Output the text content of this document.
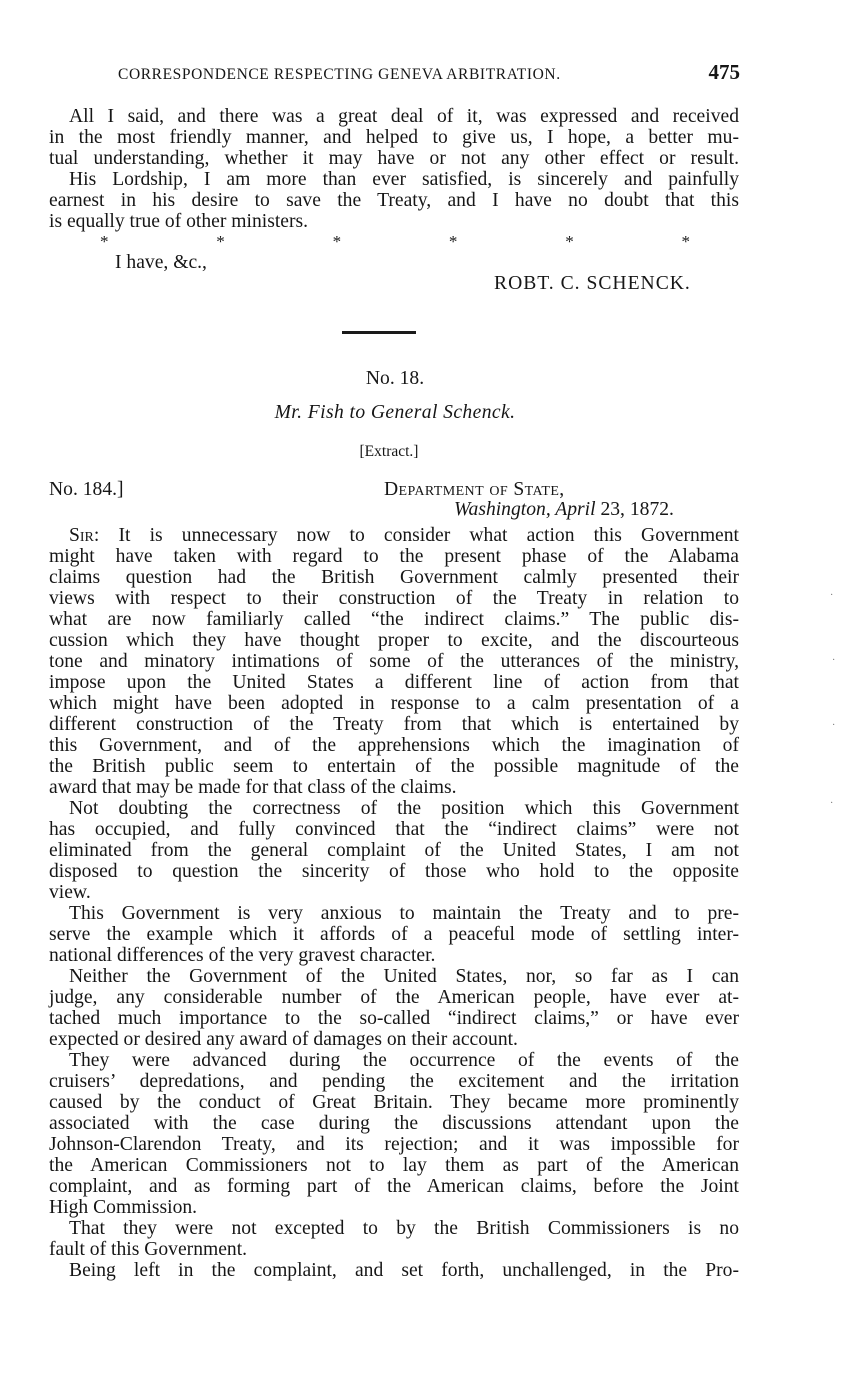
CORRESPONDENCE RESPECTING GENEVA ARBITRATION.	475
All I said, and there was a great deal of it, was expressed and received
in the most friendly manner, and helped to give us, I hope, a better mu-
tual understanding, whether it may have or not any other effect or result.
His Lordship, I am more than ever satisfied, is sincerely and painfully
earnest in his desire to save the Treaty, and I have no doubt that this
is equally true of other ministers.
*	*	*	*	*	*
I have, &c.,
ROBT. C. SCHENCK.
No. 18.
Mr. Fish to General Schenck.
[Extract.]
No. 184.]	Department of State,
Washington, April 23, 1872.
Sir: It is unnecessary now to consider what action this Government
might have taken with regard to the present phase of the Alabama
claims question had the British Government calmly presented their
views with respect to their construction of the Treaty in relation to
what are now familiarly called “the indirect claims.” The public dis-
cussion which they have thought proper to excite, and the discourteous
tone and minatory intimations of some of the utterances of the ministry,
impose upon the United States a different line of action from that
which might have been adopted in response to a calm presentation of a
different construction of the Treaty from that which is entertained by
this Government, and of the apprehensions which the imagination of
the British public seem to entertain of the possible magnitude of the
award that may be made for that class of the claims.
Not doubting the correctness of the position which this Government
has occupied, and fully convinced that the “indirect claims” were not
eliminated from the general complaint of the United States, I am not
disposed to question the sincerity of those who hold to the opposite
view.
This Government is very anxious to maintain the Treaty and to pre-
serve the example which it affords of a peaceful mode of settling inter-
national differences of the very gravest character.
Neither the Government of the United States, nor, so far as I can
judge, any considerable number of the American people, have ever at-
tached much importance to the so-called “indirect claims,” or have ever
expected or desired any award of damages on their account.
They were advanced during the occurrence of the events of the
cruisers’ depredations, and pending the excitement and the irritation
caused by the conduct of Great Britain. They became more prominently
associated with the case during the discussions attendant upon the
Johnson-Clarendon Treaty, and its rejection; and it was impossible for
the American Commissioners not to lay them as part of the American
complaint, and as forming part of the American claims, before the Joint
High Commission.
That they were not excepted to by the British Commissioners is no
fault of this Government.
Being left in the complaint, and set forth, unchallenged, in the Pro-
·
·
·
·
